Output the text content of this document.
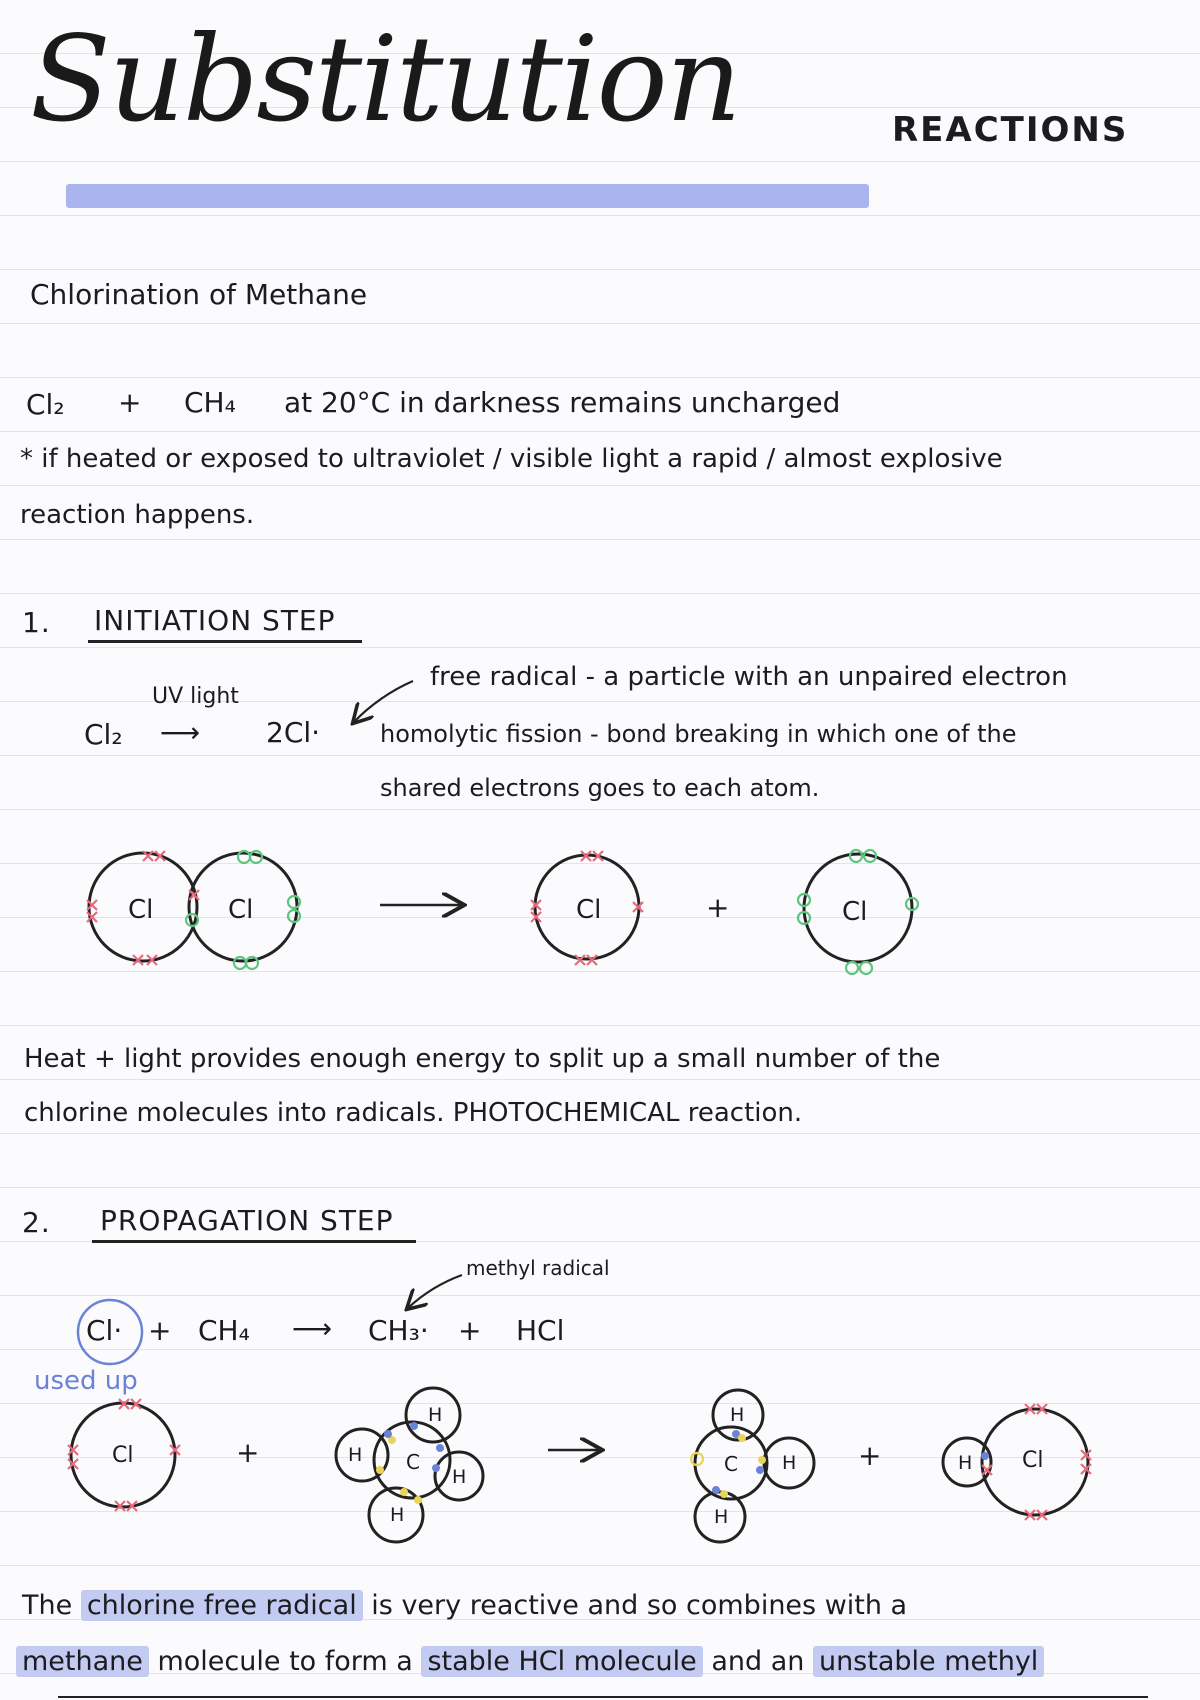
Substitution	REACTIONS
Chlorination of Methane
Cl₂ + CH₄ at 20°C in darkness remains uncharged
* if heated or exposed to ultraviolet / visible light a rapid / almost explosive
reaction happens.
1. INITIATION STEP
UV light
Cl₂ ⟶ 2Cl·
free radical - a particle with an unpaired electron
homolytic fission - bond breaking in which one of the
shared electrons goes to each atom.
Cl	Cl	Cl	Cl
+
Heat + light provides enough energy to split up a small number of the
chlorine molecules into radicals. PHOTOCHEMICAL reaction.
2. PROPAGATION STEP
methyl radical
Cl· + CH₄ ⟶ CH₃· + HCl
used up
Cl	+	C
H
H
H
H
C
H
H
H
+	H Cl
The chlorine free radical is very reactive and so combines with a
methane molecule to form a stable HCl molecule and an unstable methyl
